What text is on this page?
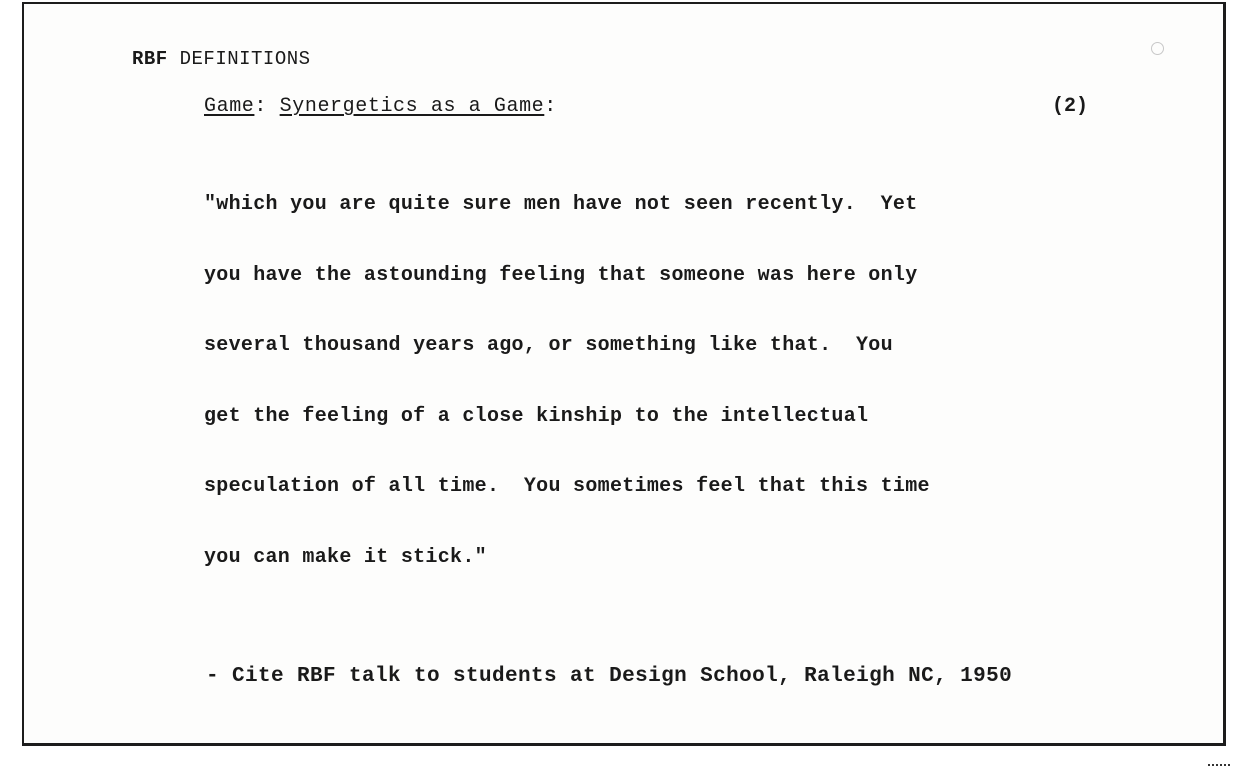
RBF DEFINITIONS
Game: Synergetics as a Game:	(2)

"which you are quite sure men have not seen recently.  Yet

you have the astounding feeling that someone was here only

several thousand years ago, or something like that.  You

get the feeling of a close kinship to the intellectual

speculation of all time.  You sometimes feel that this time

you can make it stick."

- Cite RBF talk to students at Design School, Raleigh NC, 1950
